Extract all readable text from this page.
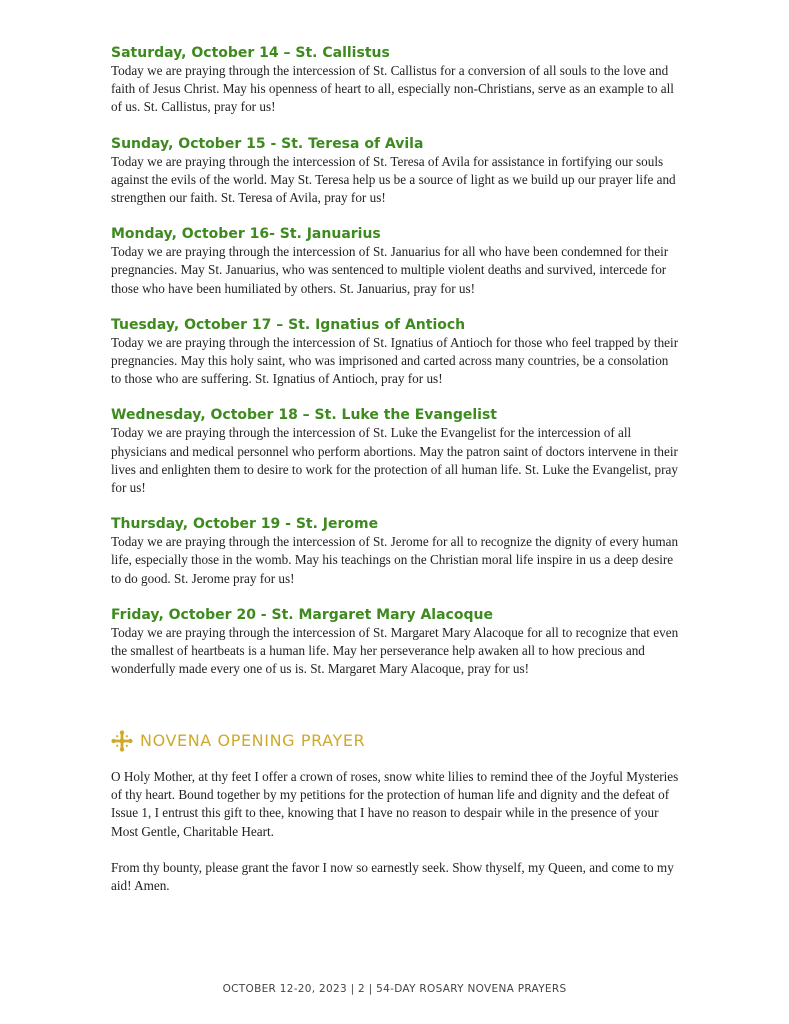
Saturday, October 14 – St. Callistus

Today we are praying through the intercession of St. Callistus for a conversion of all souls to the love and faith of Jesus Christ. May his openness of heart to all, especially non-Christians, serve as an example to all of us. St. Callistus, pray for us!

Sunday, October 15 - St. Teresa of Avila

Today we are praying through the intercession of St. Teresa of Avila for assistance in fortifying our souls against the evils of the world. May St. Teresa help us be a source of light as we build up our prayer life and strengthen our faith. St. Teresa of Avila, pray for us!

Monday, October 16- St. Januarius

Today we are praying through the intercession of St. Januarius for all who have been condemned for their pregnancies. May St. Januarius, who was sentenced to multiple violent deaths and survived, intercede for those who have been humiliated by others. St. Januarius, pray for us!

Tuesday, October 17 – St. Ignatius of Antioch

Today we are praying through the intercession of St. Ignatius of Antioch for those who feel trapped by their pregnancies. May this holy saint, who was imprisoned and carted across many countries, be a consolation to those who are suffering. St. Ignatius of Antioch, pray for us!

Wednesday, October 18 – St. Luke the Evangelist

Today we are praying through the intercession of St. Luke the Evangelist for the intercession of all physicians and medical personnel who perform abortions. May the patron saint of doctors intervene in their lives and enlighten them to desire to work for the protection of all human life. St. Luke the Evangelist, pray for us!

Thursday, October 19 - St. Jerome

Today we are praying through the intercession of St. Jerome for all to recognize the dignity of every human life, especially those in the womb. May his teachings on the Christian moral life inspire in us a deep desire to do good. St. Jerome pray for us!

Friday, October 20 - St. Margaret Mary Alacoque

Today we are praying through the intercession of St. Margaret Mary Alacoque for all to recognize that even the smallest of heartbeats is a human life. May her perseverance help awaken all to how precious and wonderfully made every one of us is. St. Margaret Mary Alacoque, pray for us!

NOVENA OPENING PRAYER

O Holy Mother, at thy feet I offer a crown of roses, snow white lilies to remind thee of the Joyful Mysteries of thy heart. Bound together by my petitions for the protection of human life and dignity and the defeat of Issue 1, I entrust this gift to thee, knowing that I have no reason to despair while in the presence of your Most Gentle, Charitable Heart.

From thy bounty, please grant the favor I now so earnestly seek. Show thyself, my Queen, and come to my aid! Amen.

OCTOBER 12-20, 2023 | 2 | 54-DAY ROSARY NOVENA PRAYERS
